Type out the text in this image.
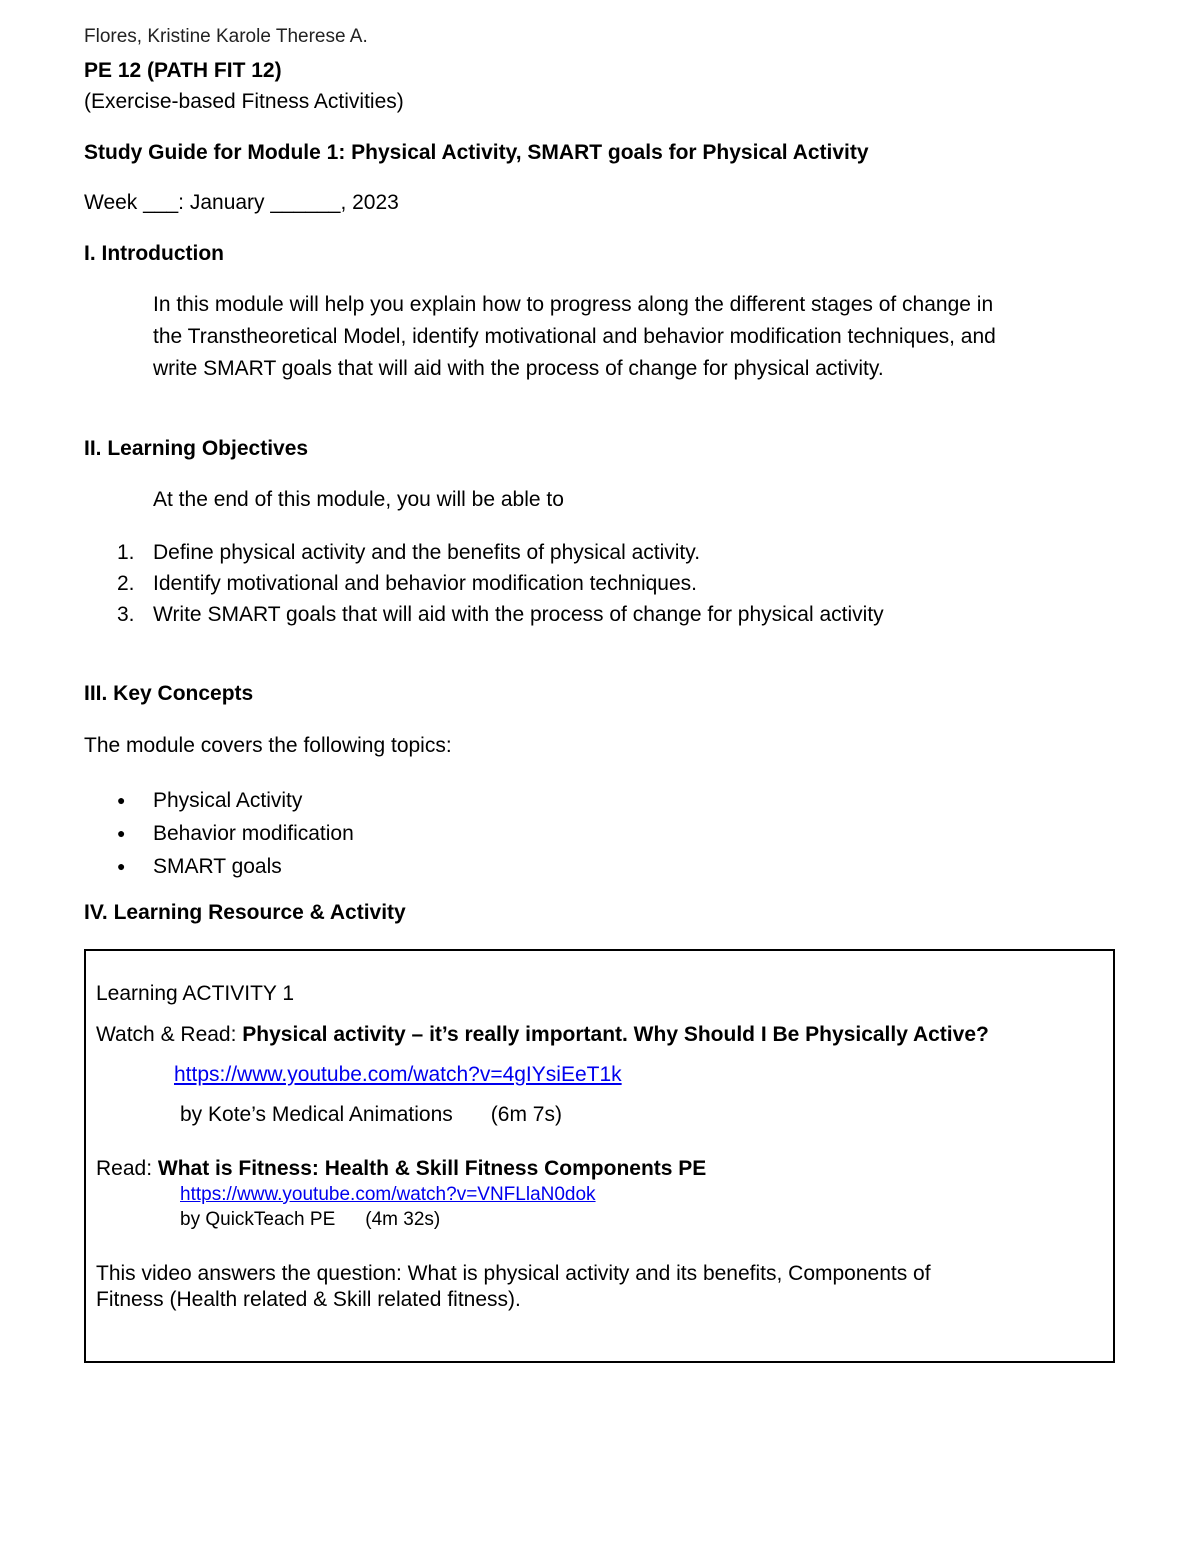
Flores, Kristine Karole Therese A.
PE 12 (PATH FIT 12)
(Exercise-based Fitness Activities)
Study Guide for Module 1: Physical Activity, SMART goals for Physical Activity
Week ___: January ______, 2023
I. Introduction
In this module will help you explain how to progress along the different stages of change in
the Transtheoretical Model, identify motivational and behavior modification techniques, and
write SMART goals that will aid with the process of change for physical activity.
II. Learning Objectives
At the end of this module, you will be able to
1. Define physical activity and the benefits of physical activity.
2. Identify motivational and behavior modification techniques.
3. Write SMART goals that will aid with the process of change for physical activity
III. Key Concepts
The module covers the following topics:
● Physical Activity
● Behavior modification
● SMART goals
IV. Learning Resource & Activity
Learning ACTIVITY 1
Watch & Read: Physical activity – it’s really important. Why Should I Be Physically Active?
https://www.youtube.com/watch?v=4gIYsiEeT1k
by Kote’s Medical Animations (6m 7s)
Read: What is Fitness: Health & Skill Fitness Components PE
https://www.youtube.com/watch?v=VNFLlaN0dok
by QuickTeach PE (4m 32s)
This video answers the question: What is physical activity and its benefits, Components of
Fitness (Health related & Skill related fitness).
